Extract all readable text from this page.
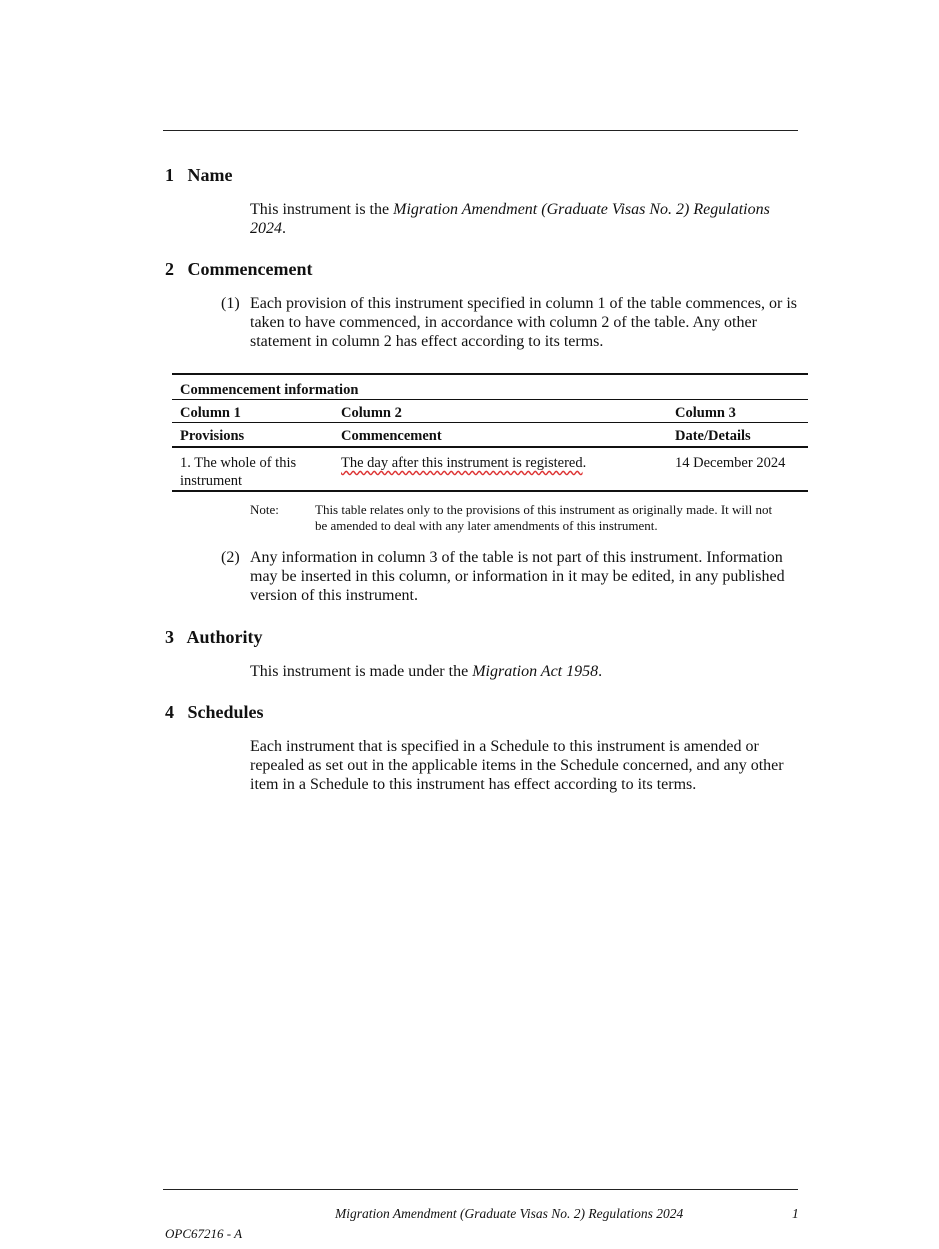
1 Name

This instrument is the Migration Amendment (Graduate Visas No. 2) Regulations 2024.

2 Commencement
(1) Each provision of this instrument specified in column 1 of the table commences, or is taken to have commenced, in accordance with column 2 of the table. Any other statement in column 2 has effect according to its terms.

Commencement information		
Column 1	Column 2	Column 3
Provisions	Commencement	Date/Details
1. The whole of this instrument	The day after this instrument is registered.	14 December 2024
Note:	This table relates only to the provisions of this instrument as originally made. It will not be amended to deal with any later amendments of this instrument.

(2) Any information in column 3 of the table is not part of this instrument. Information may be inserted in this column, or information in it may be edited, in any published version of this instrument.

3 Authority

This instrument is made under the Migration Act 1958.

4 Schedules

Each instrument that is specified in a Schedule to this instrument is amended or repealed as set out in the applicable items in the Schedule concerned, and any other item in a Schedule to this instrument has effect according to its terms.

Migration Amendment (Graduate Visas No. 2) Regulations 2024	1
OPC67216 - A
